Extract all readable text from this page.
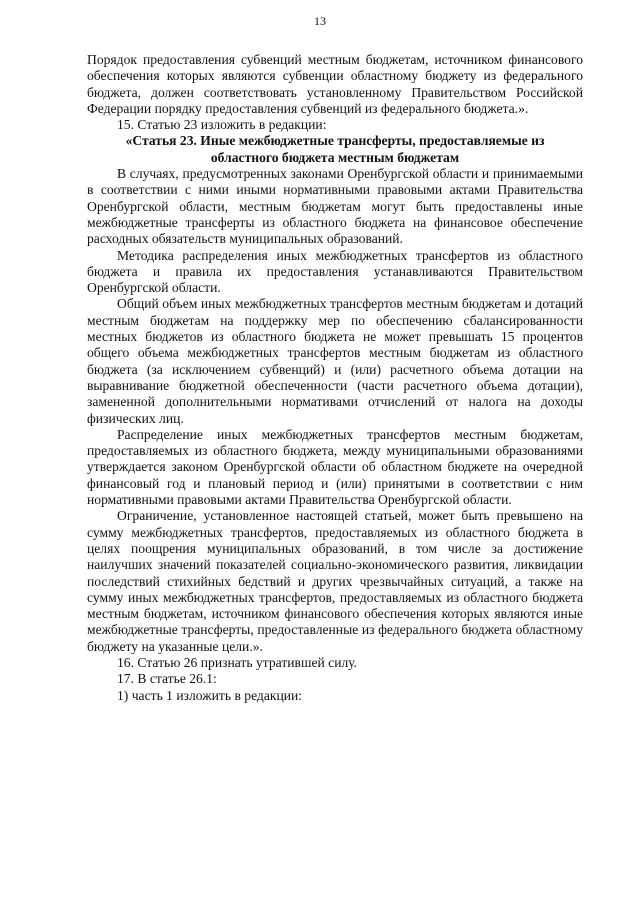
13

Порядок предоставления субвенций местным бюджетам, источником финансового обеспечения которых являются субвенции областному бюджету из федерального бюджета, должен соответствовать установленному Правительством Российской Федерации порядку предоставления субвенций из федерального бюджета.».

15. Статью 23 изложить в редакции:

«Статья 23. Иные межбюджетные трансферты, предоставляемые из областного бюджета местным бюджетам

В случаях, предусмотренных законами Оренбургской области и принимаемыми в соответствии с ними иными нормативными правовыми актами Правительства Оренбургской области, местным бюджетам могут быть предоставлены иные межбюджетные трансферты из областного бюджета на финансовое обеспечение расходных обязательств муниципальных образований.

Методика распределения иных межбюджетных трансфертов из областного бюджета и правила их предоставления устанавливаются Правительством Оренбургской области.

Общий объем иных межбюджетных трансфертов местным бюджетам и дотаций местным бюджетам на поддержку мер по обеспечению сбалансированности местных бюджетов из областного бюджета не может превышать 15 процентов общего объема межбюджетных трансфертов местным бюджетам из областного бюджета (за исключением субвенций) и (или) расчетного объема дотации на выравнивание бюджетной обеспеченности (части расчетного объема дотации), замененной дополнительными нормативами отчислений от налога на доходы физических лиц.

Распределение иных межбюджетных трансфертов местным бюджетам, предоставляемых из областного бюджета, между муниципальными образованиями утверждается законом Оренбургской области об областном бюджете на очередной финансовый год и плановый период и (или) принятыми в соответствии с ним нормативными правовыми актами Правительства Оренбургской области.

Ограничение, установленное настоящей статьей, может быть превышено на сумму межбюджетных трансфертов, предоставляемых из областного бюджета в целях поощрения муниципальных образований, в том числе за достижение наилучших значений показателей социально-экономического развития, ликвидации последствий стихийных бедствий и других чрезвычайных ситуаций, а также на сумму иных межбюджетных трансфертов, предоставляемых из областного бюджета местным бюджетам, источником финансового обеспечения которых являются иные межбюджетные трансферты, предоставленные из федерального бюджета областному бюджету на указанные цели.».

16. Статью 26 признать утратившей силу.

17. В статье 26.1:

1) часть 1 изложить в редакции:
